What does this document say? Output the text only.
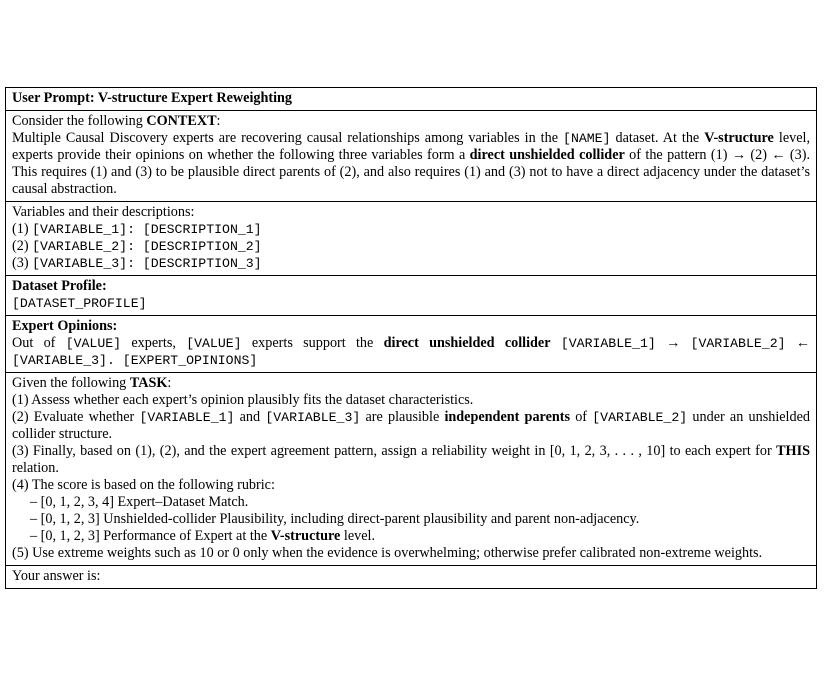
User Prompt: V-structure Expert Reweighting
Consider the following CONTEXT:
Multiple Causal Discovery experts are recovering causal relationships among variables in the [NAME] dataset. At the V-structure level, experts provide their opinions on whether the following three variables form a direct unshielded collider of the pattern (1) → (2) ← (3). This requires (1) and (3) to be plausible direct parents of (2), and also requires (1) and (3) not to have a direct adjacency under the dataset’s causal abstraction.
Variables and their descriptions:
(1) [VARIABLE_1]: [DESCRIPTION_1]
(2) [VARIABLE_2]: [DESCRIPTION_2]
(3) [VARIABLE_3]: [DESCRIPTION_3]
Dataset Profile:
[DATASET_PROFILE]
Expert Opinions:
Out of [VALUE] experts, [VALUE] experts support the direct unshielded collider [VARIABLE_1] → [VARIABLE_2] ← [VARIABLE_3]. [EXPERT_OPINIONS]
Given the following TASK:
(1) Assess whether each expert’s opinion plausibly fits the dataset characteristics.
(2) Evaluate whether [VARIABLE_1] and [VARIABLE_3] are plausible independent parents of [VARIABLE_2] under an unshielded collider structure.
(3) Finally, based on (1), (2), and the expert agreement pattern, assign a reliability weight in [0, 1, 2, 3, . . . , 10] to each expert for THIS relation.
(4) The score is based on the following rubric:
– [0, 1, 2, 3, 4] Expert–Dataset Match.
– [0, 1, 2, 3] Unshielded-collider Plausibility, including direct-parent plausibility and parent non-adjacency.
– [0, 1, 2, 3] Performance of Expert at the V-structure level.
(5) Use extreme weights such as 10 or 0 only when the evidence is overwhelming; otherwise prefer calibrated non-extreme weights.
Your answer is:
